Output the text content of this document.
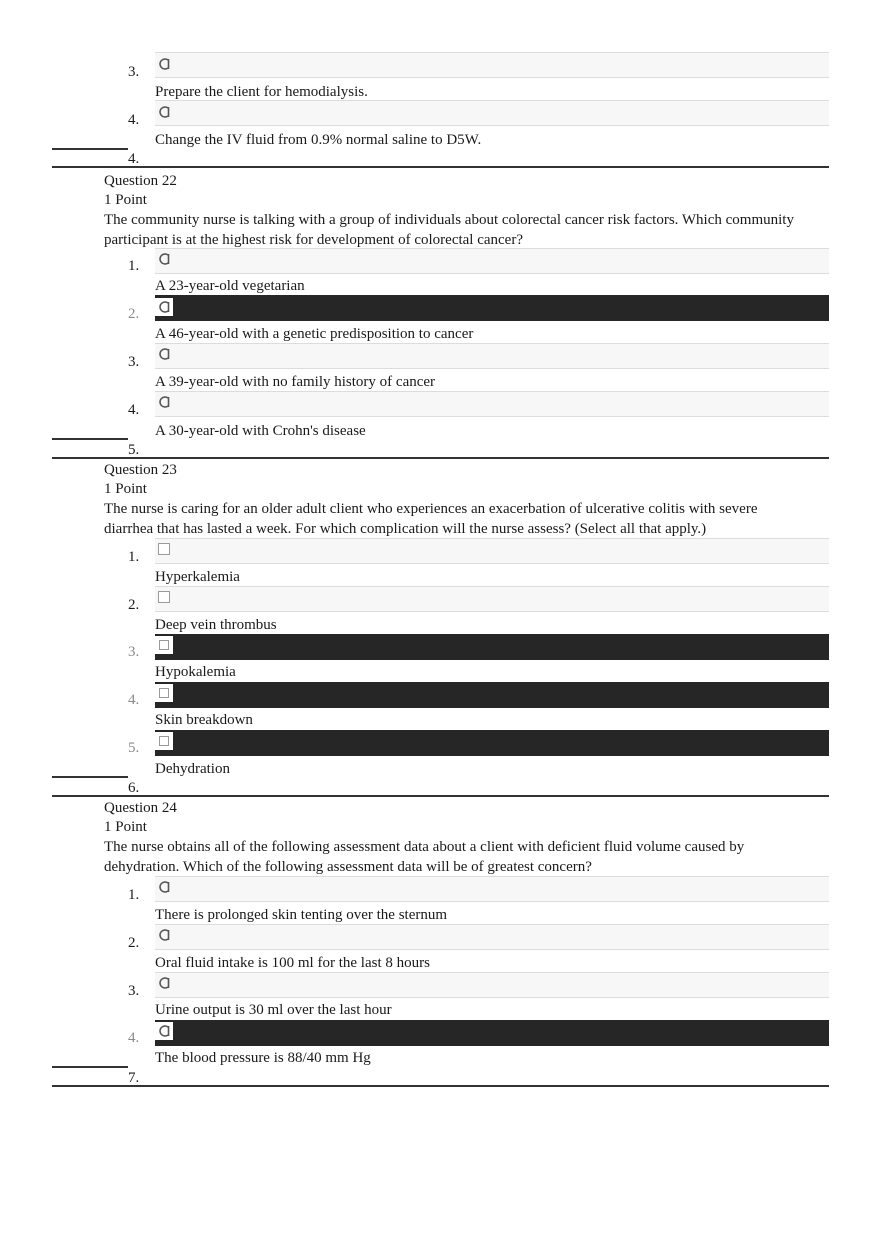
3.
Prepare the client for hemodialysis.
4.
Change the IV fluid from 0.9% normal saline to D5W.
4.
Question 22
1 Point
The community nurse is talking with a group of individuals about colorectal cancer risk factors. Which community participant is at the highest risk for development of colorectal cancer?
1.
A 23-year-old vegetarian
2.
A 46-year-old with a genetic predisposition to cancer
3.
A 39-year-old with no family history of cancer
4.
A 30-year-old with Crohn's disease
5.
Question 23
1 Point
The nurse is caring for an older adult client who experiences an exacerbation of ulcerative colitis with severe diarrhea that has lasted a week. For which complication will the nurse assess? (Select all that apply.)
1.
Hyperkalemia
2.
Deep vein thrombus
3.
Hypokalemia
4.
Skin breakdown
5.
Dehydration
6.
Question 24
1 Point
The nurse obtains all of the following assessment data about a client with deficient fluid volume caused by dehydration. Which of the following assessment data will be of greatest concern?
1.
There is prolonged skin tenting over the sternum
2.
Oral fluid intake is 100 ml for the last 8 hours
3.
Urine output is 30 ml over the last hour
4.
The blood pressure is 88/40 mm Hg
7.
